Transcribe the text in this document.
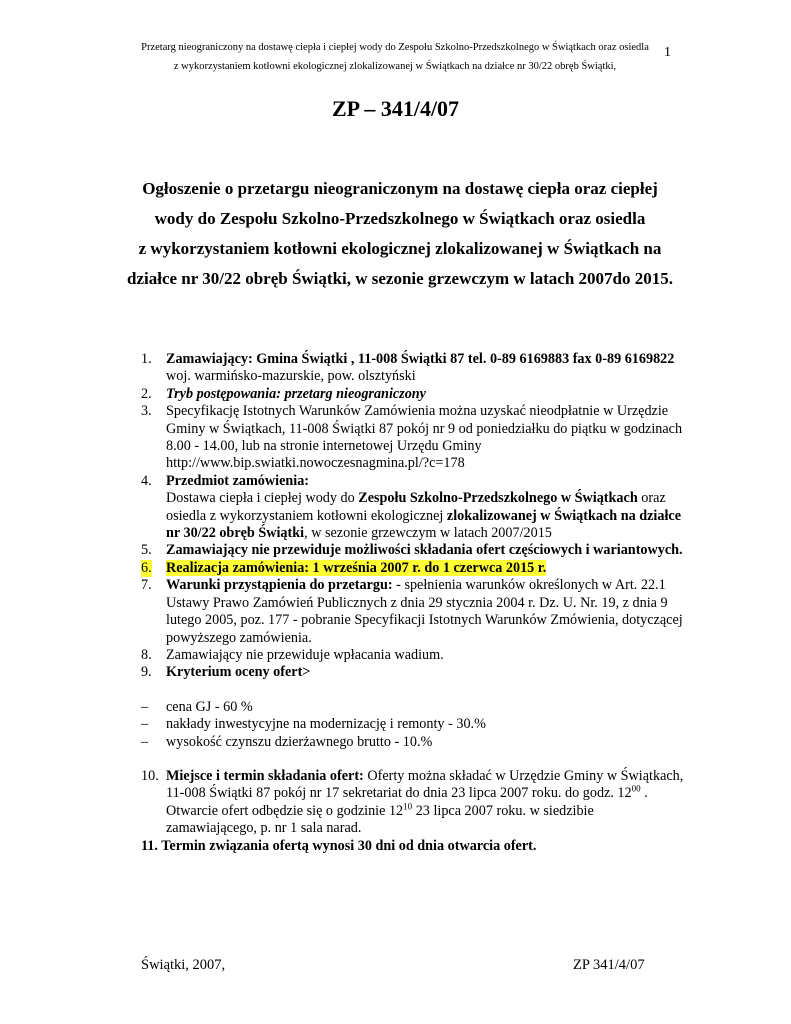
Przetarg nieograniczony na dostawę ciepła i ciepłej wody do Zespołu Szkolno-Przedszkolnego w Świątkach oraz osiedla
z wykorzystaniem kotłowni ekologicznej zlokalizowanej w Świątkach na działce nr 30/22 obręb Świątki,
1
ZP – 341/4/07
Ogłoszenie o przetargu nieograniczonym na dostawę ciepła oraz ciepłej
wody do Zespołu Szkolno-Przedszkolnego w Świątkach oraz osiedla
z wykorzystaniem kotłowni ekologicznej zlokalizowanej w Świątkach na
działce nr 30/22 obręb Świątki, w sezonie grzewczym w latach 2007do 2015.
1. Zamawiający: Gmina Świątki , 11-008 Świątki 87 tel. 0-89 6169883 fax 0-89 6169822 woj. warmińsko-mazurskie, pow. olsztyński
2. Tryb postępowania: przetarg nieograniczony
3. Specyfikację Istotnych Warunków Zamówienia można uzyskać nieodpłatnie w Urzędzie Gminy w Świątkach, 11-008 Świątki 87 pokój nr 9 od poniedziałku do piątku w godzinach 8.00 - 14.00, lub na stronie internetowej Urzędu Gminy http://www.bip.swiatki.nowoczesnagmina.pl/?c=178
4. Przedmiot zamówienia:
Dostawa ciepła i ciepłej wody do Zespołu Szkolno-Przedszkolnego w Świątkach oraz osiedla z wykorzystaniem kotłowni ekologicznej zlokalizowanej w Świątkach na działce nr 30/22 obręb Świątki, w sezonie grzewczym w latach 2007/2015
5. Zamawiający nie przewiduje możliwości składania ofert częściowych i wariantowych.
6. Realizacja zamówienia: 1 września 2007 r. do 1 czerwca 2015 r.
7. Warunki przystąpienia do przetargu: - spełnienia warunków określonych w Art. 22.1 Ustawy Prawo Zamówień Publicznych z dnia 29 stycznia 2004 r. Dz. U. Nr. 19, z dnia 9 lutego 2005, poz. 177 - pobranie Specyfikacji Istotnych Warunków Zmówienia, dotyczącej powyższego zamówienia.
8. Zamawiający nie przewiduje wpłacania wadium.
9. Kryterium oceny ofert>
– cena GJ - 60 %
– nakłady inwestycyjne na modernizację i remonty - 30.%
– wysokość czynszu dzierżawnego brutto - 10.%
10. Miejsce i termin składania ofert: Oferty można składać w Urzędzie Gminy w Świątkach, 11-008 Świątki 87 pokój nr 17 sekretariat do dnia 23 lipca 2007 roku. do godz. $12^{00}$ . Otwarcie ofert odbędzie się o godzinie $12^{10}$ 23 lipca 2007 roku. w siedzibie zamawiającego, p. nr 1 sala narad.
11. Termin związania ofertą wynosi 30 dni od dnia otwarcia ofert.
Świątki, 2007,	ZP 341/4/07
